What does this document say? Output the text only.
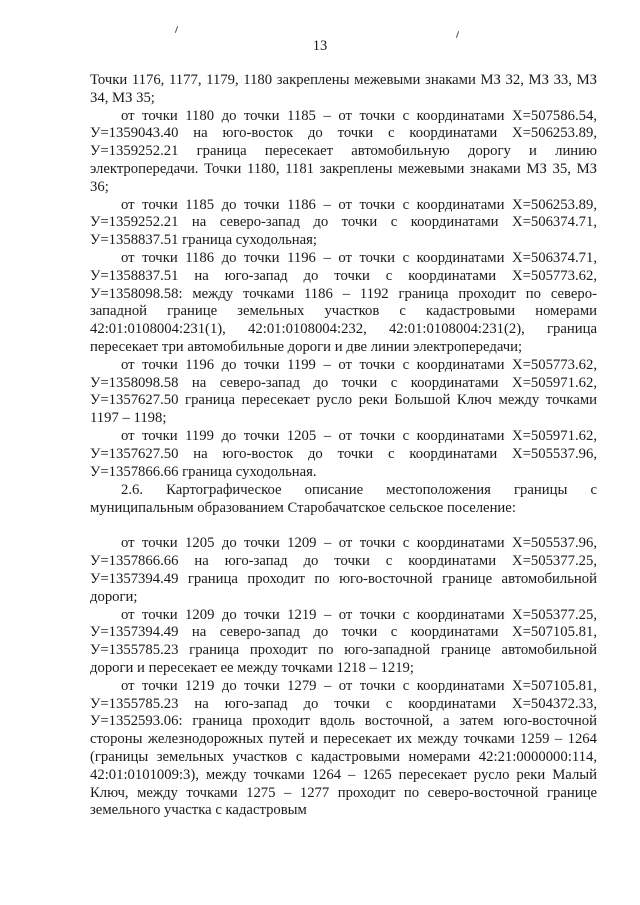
13

Точки 1176, 1177, 1179, 1180 закреплены межевыми знаками МЗ 32, МЗ 33, МЗ 34, МЗ 35;

от точки 1180 до точки 1185 – от точки с координатами Х=507586.54, У=1359043.40 на юго-восток до точки с координатами Х=506253.89, У=1359252.21 граница пересекает автомобильную дорогу и линию электропередачи. Точки 1180, 1181 закреплены межевыми знаками МЗ 35, МЗ 36;

от точки 1185 до точки 1186 – от точки с координатами Х=506253.89, У=1359252.21 на северо-запад до точки с координатами Х=506374.71, У=1358837.51 граница суходольная;

от точки 1186 до точки 1196 – от точки с координатами Х=506374.71, У=1358837.51 на юго-запад до точки с координатами Х=505773.62, У=1358098.58: между точками 1186 – 1192 граница проходит по северо-западной границе земельных участков с кадастровыми номерами 42:01:0108004:231(1), 42:01:0108004:232, 42:01:0108004:231(2), граница пересекает три автомобильные дороги и две линии электропередачи;

от точки 1196 до точки 1199 – от точки с координатами Х=505773.62, У=1358098.58 на северо-запад до точки с координатами Х=505971.62, У=1357627.50 граница пересекает русло реки Большой Ключ между точками 1197 – 1198;

от точки 1199 до точки 1205 – от точки с координатами Х=505971.62, У=1357627.50 на юго-восток до точки с координатами Х=505537.96, У=1357866.66 граница суходольная.

2.6. Картографическое описание местоположения границы с муниципальным образованием Старобачатское сельское поселение:

от точки 1205 до точки 1209 – от точки с координатами Х=505537.96, У=1357866.66 на юго-запад до точки с координатами Х=505377.25, У=1357394.49 граница проходит по юго-восточной границе автомобильной дороги;

от точки 1209 до точки 1219 – от точки с координатами Х=505377.25, У=1357394.49 на северо-запад до точки с координатами Х=507105.81, У=1355785.23 граница проходит по юго-западной границе автомобильной дороги и пересекает ее между точками 1218 – 1219;

от точки 1219 до точки 1279 – от точки с координатами Х=507105.81, У=1355785.23 на юго-запад до точки с координатами Х=504372.33, У=1352593.06: граница проходит вдоль восточной, а затем юго-восточной стороны железнодорожных путей и пересекает их между точками 1259 – 1264 (границы земельных участков с кадастровыми номерами 42:21:0000000:114, 42:01:0101009:3), между точками 1264 – 1265 пересекает русло реки Малый Ключ, между точками 1275 – 1277 проходит по северо-восточной границе земельного участка с кадастровым
